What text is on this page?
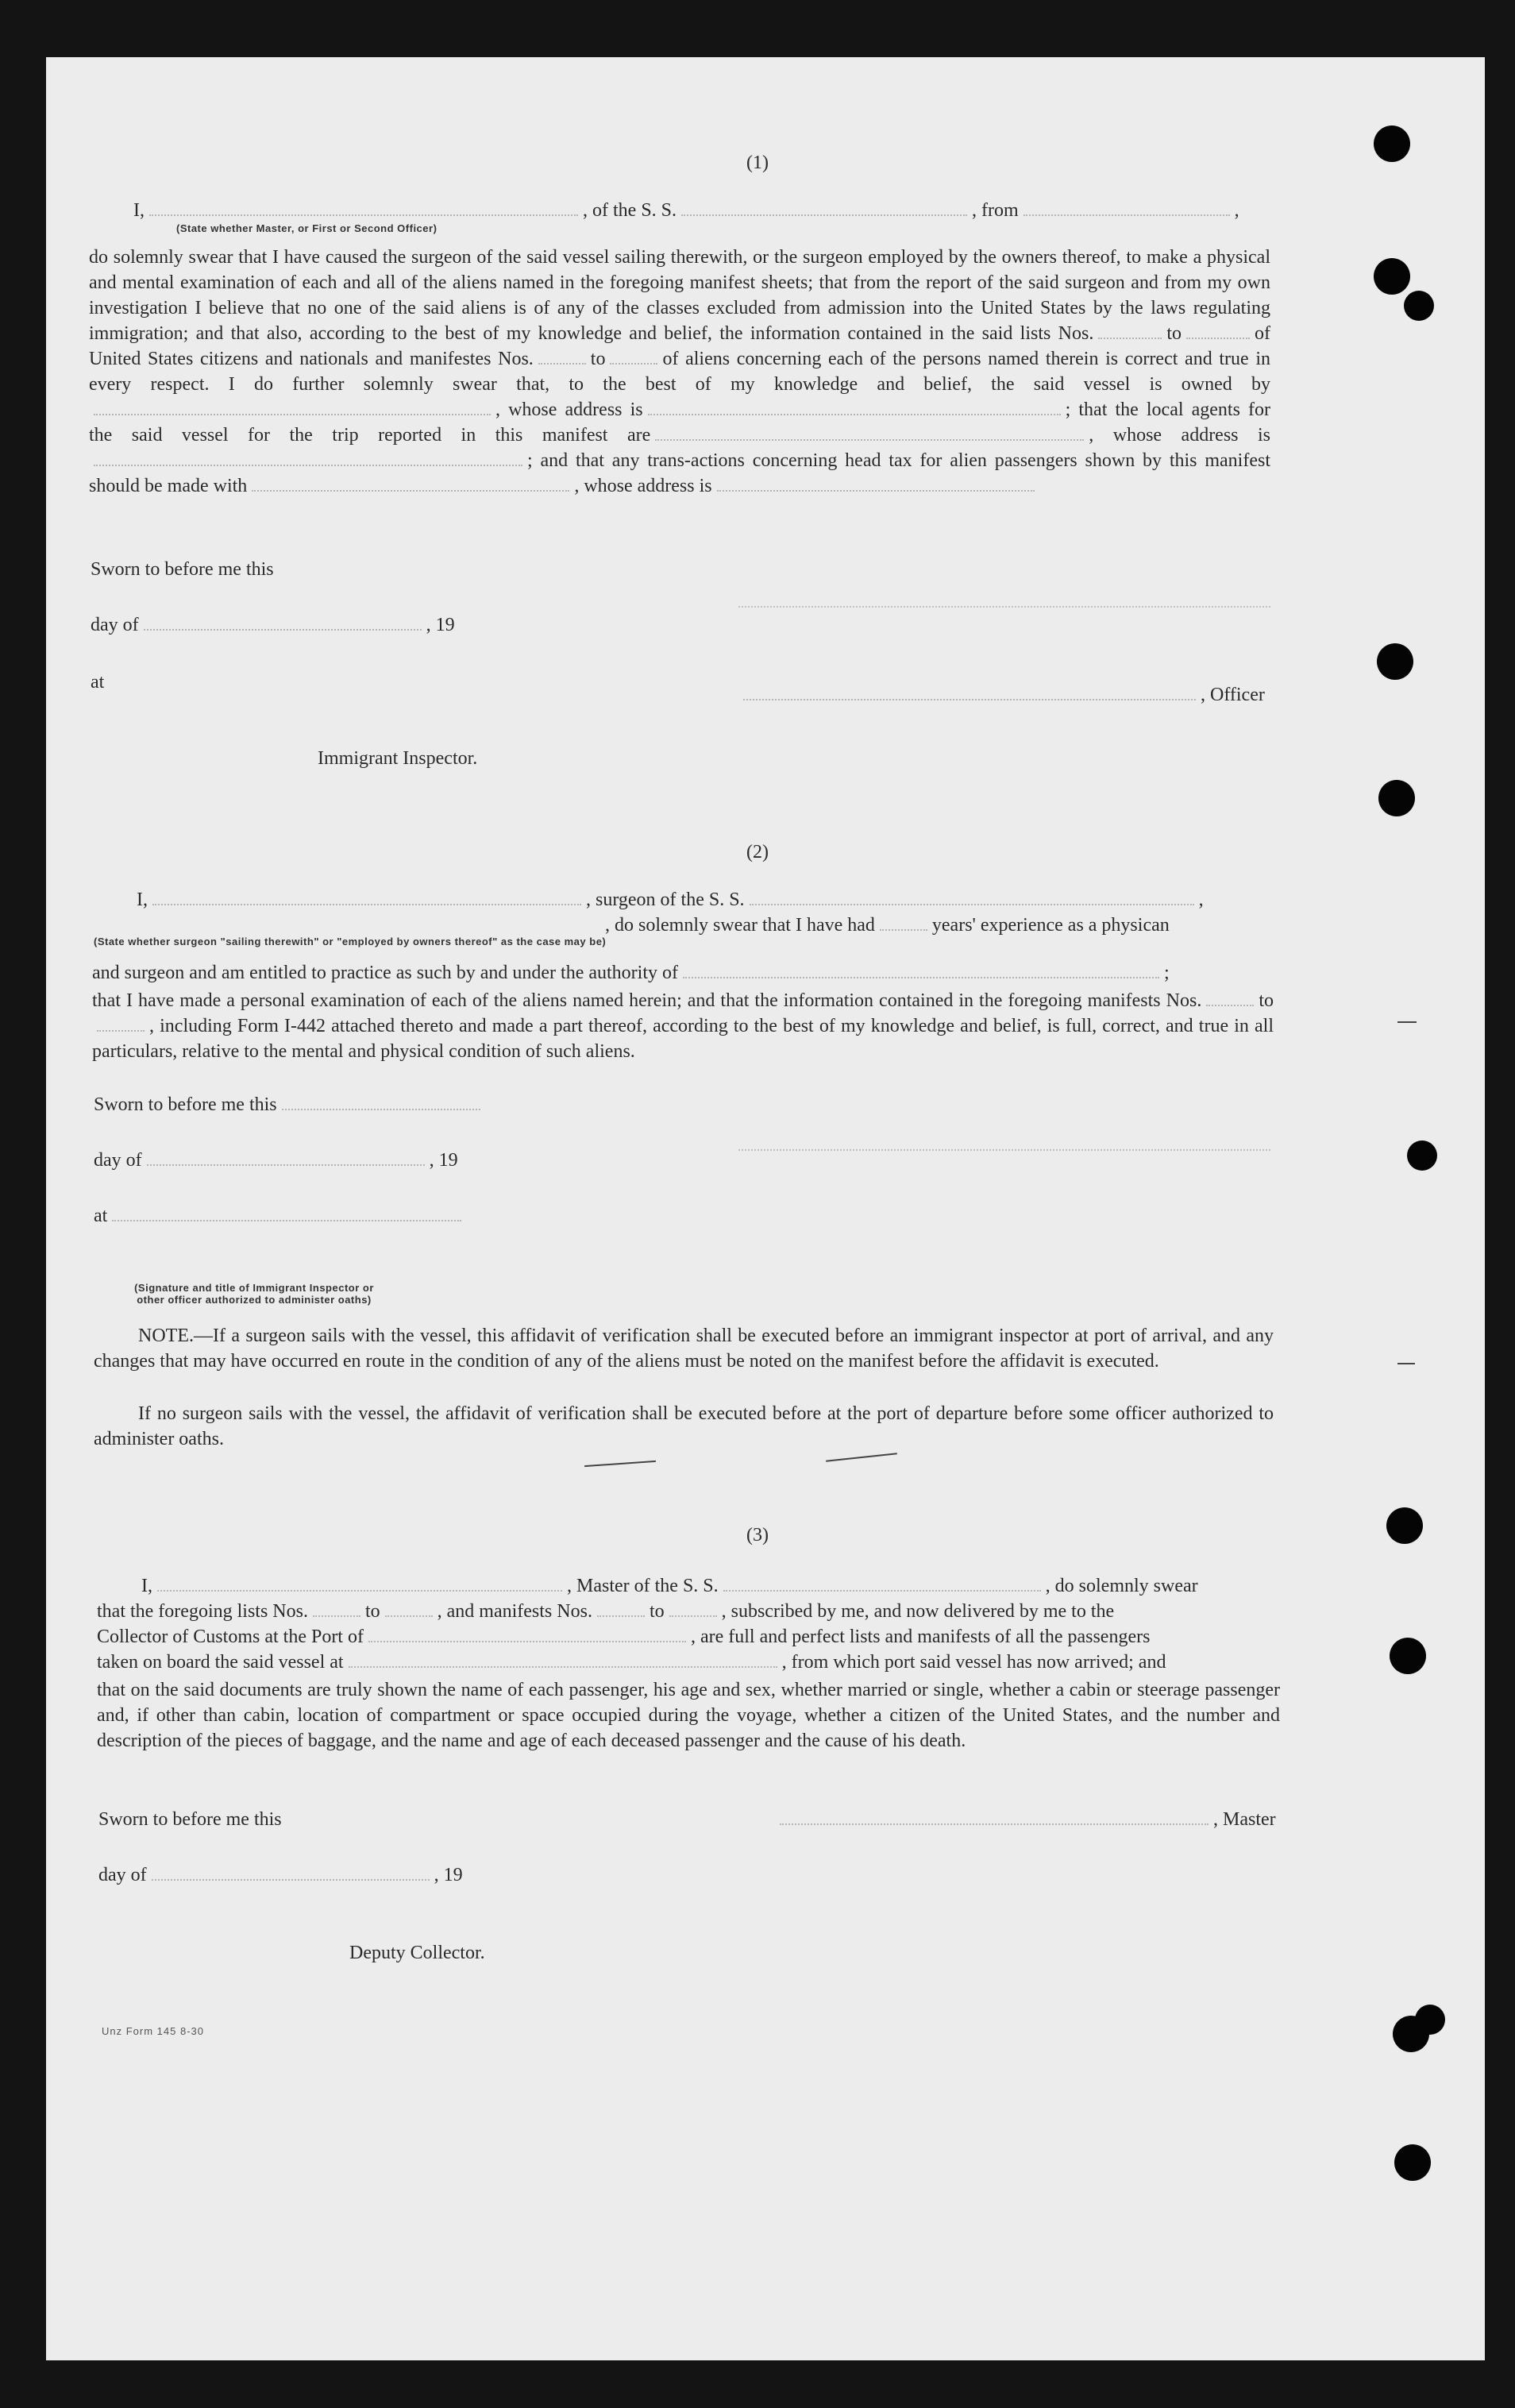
(1)
I,	, of the S. S.	, from	,
(State whether Master, or First or Second Officer)
do solemnly swear that I have caused the surgeon of the said vessel sailing therewith, or the surgeon employed by the owners thereof, to make a physical and mental examination of each and all of the aliens named in the foregoing manifest sheets; that from the report of the said surgeon and from my own investigation I believe that no one of the said aliens is of any of the classes excluded from admission into the United States by the laws regulating immigration; and that also, according to the best of my knowledge and belief, the information contained in the said lists Nos.	to	of United States citizens and nationals and manifestes Nos.	to	of aliens concerning each of the persons named therein is correct and true in every respect. I do further solemnly swear that, to the best of my knowledge and belief, the said vessel is owned by, whose address is	; that the local agents for the said vessel for the trip reported in this manifest are	, whose address is; and that any trans-actions concerning head tax for alien passengers shown by this manifest should be made with	, whose address is
Sworn to before me this
day of	, 19
at
, Officer
Immigrant Inspector.
(2)
I,	, surgeon of the S. S.	,
, do solemnly swear that I have had	years' experience as a physican
(State whether surgeon "sailing therewith" or "employed by owners thereof" as the case may be)
and surgeon and am entitled to practice as such by and under the authority of	;
that I have made a personal examination of each of the aliens named herein; and that the information contained in the foregoing manifests Nos.	to, including Form I-442 attached thereto and made a part thereof, according to the best of my knowledge and belief, is full, correct, and true in all particulars, relative to the mental and physical condition of such aliens.
Sworn to before me this
day of	, 19
at
(Signature and title of Immigrant Inspector or other officer authorized to administer oaths)
NOTE.—If a surgeon sails with the vessel, this affidavit of verification shall be executed before an immigrant inspector at port of arrival, and any changes that may have occurred en route in the condition of any of the aliens must be noted on the manifest before the affidavit is executed.
If no surgeon sails with the vessel, the affidavit of verification shall be executed before at the port of departure before some officer authorized to administer oaths.
(3)
I,	, Master of the S. S.	, do solemnly swear
that the foregoing lists Nos.	to	, and manifests Nos.	to	, subscribed by me, and now delivered by me to the
Collector of Customs at the Port of	, are full and perfect lists and manifests of all the passengers
taken on board the said vessel at	, from which port said vessel has now arrived; and
that on the said documents are truly shown the name of each passenger, his age and sex, whether married or single, whether a cabin or steerage passenger and, if other than cabin, location of compartment or space occupied during the voyage, whether a citizen of the United States, and the number and description of the pieces of baggage, and the name and age of each deceased passenger and the cause of his death.
Sworn to before me this	, Master
day of	, 19
Deputy Collector.
Unz Form 145 8-30
